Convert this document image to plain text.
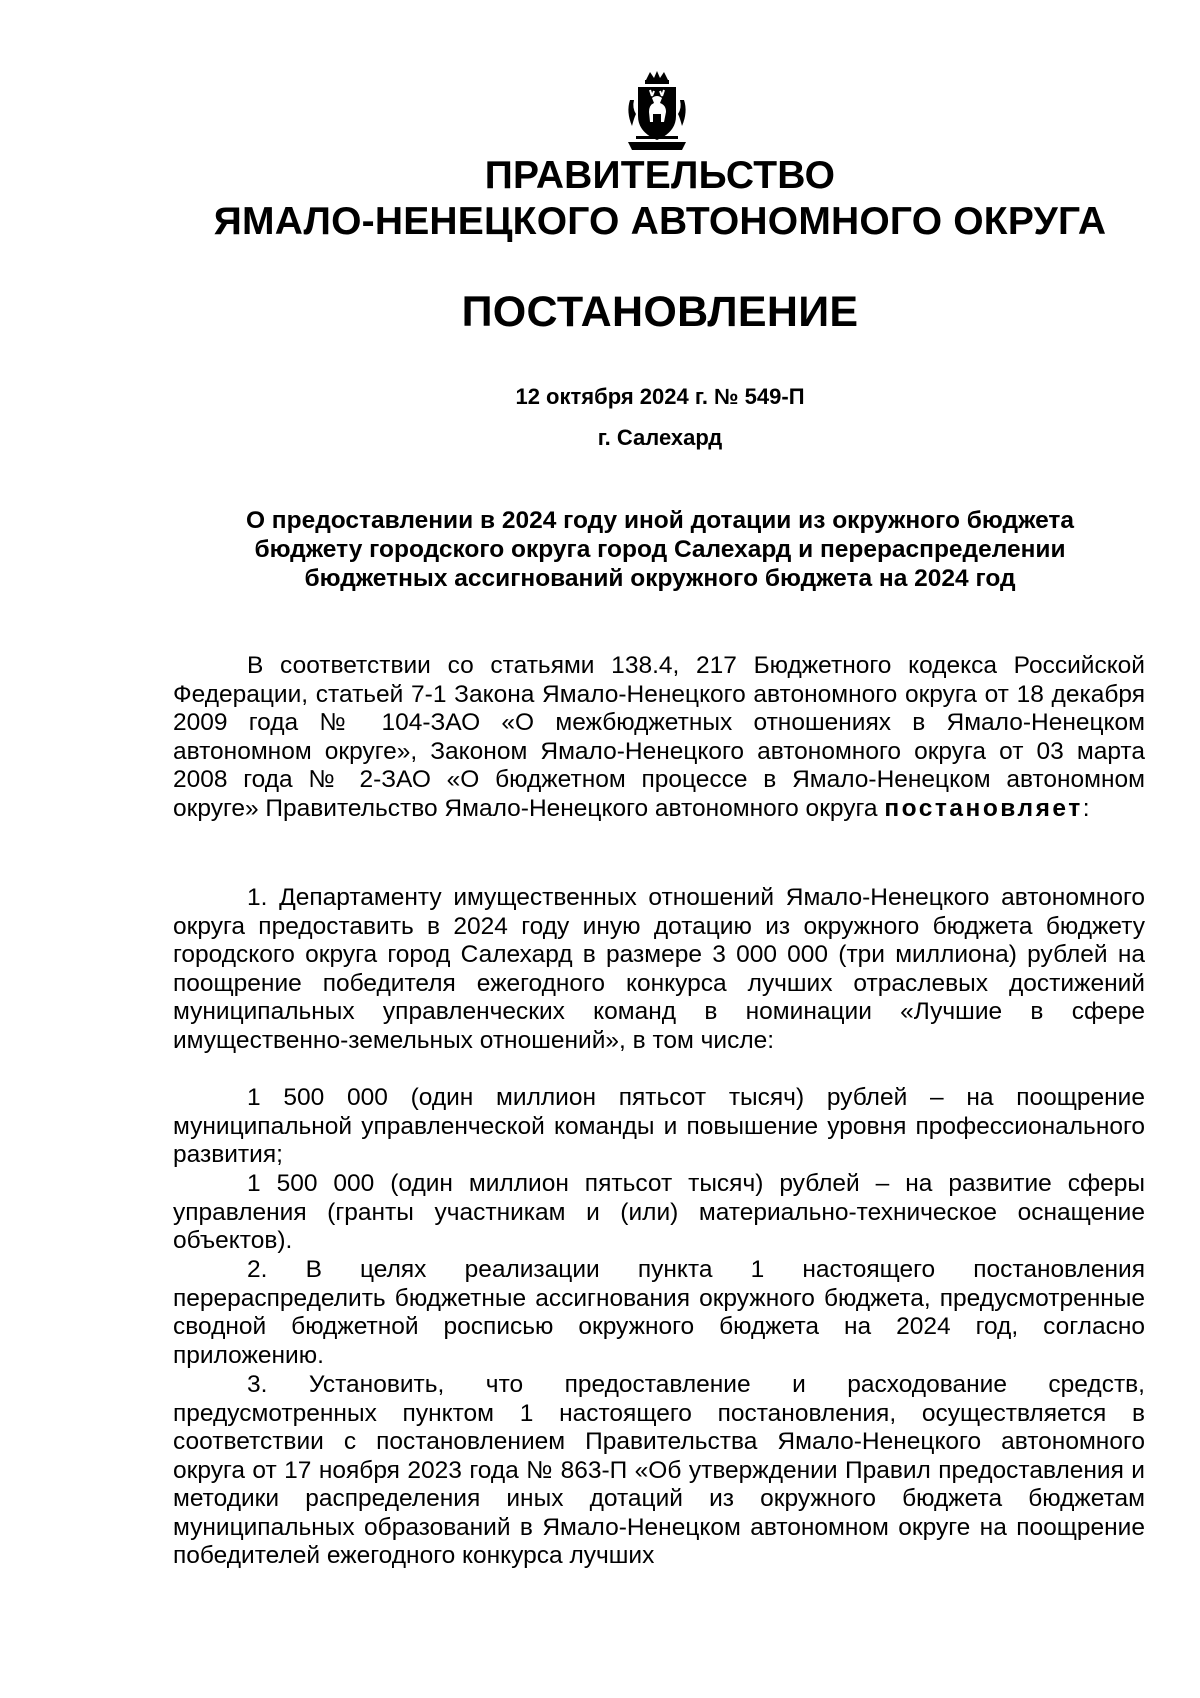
ПРАВИТЕЛЬСТВО
ЯМАЛО-НЕНЕЦКОГО АВТОНОМНОГО ОКРУГА
ПОСТАНОВЛЕНИЕ
12 октября 2024 г. № 549-П
г. Салехард
О предоставлении в 2024 году иной дотации из окружного бюджета
бюджету городского округа город Салехард и перераспределении
бюджетных ассигнований окружного бюджета на 2024 год

В соответствии со статьями 138.4, 217 Бюджетного кодекса Российской Федерации, статьей 7-1 Закона Ямало-Ненецкого автономного округа от 18 декабря 2009 года № 104-ЗАО «О межбюджетных отношениях в Ямало-Ненецком автономном округе», Законом Ямало-Ненецкого автономного округа от 03 марта 2008 года № 2-ЗАО «О бюджетном процессе в Ямало-Ненецком автономном округе» Правительство Ямало-Ненецкого автономного округа постановляет:

1. Департаменту имущественных отношений Ямало-Ненецкого автономного округа предоставить в 2024 году иную дотацию из окружного бюджета бюджету городского округа город Салехард в размере 3 000 000 (три миллиона) рублей на поощрение победителя ежегодного конкурса лучших отраслевых достижений муниципальных управленческих команд в номинации «Лучшие в сфере имущественно-земельных отношений», в том числе:

1 500 000 (один миллион пятьсот тысяч) рублей – на поощрение муниципальной управленческой команды и повышение уровня профессионального развития;

1 500 000 (один миллион пятьсот тысяч) рублей – на развитие сферы управления (гранты участникам и (или) материально-техническое оснащение объектов).

2. В целях реализации пункта 1 настоящего постановления перераспределить бюджетные ассигнования окружного бюджета, предусмотренные сводной бюджетной росписью окружного бюджета на 2024 год, согласно приложению.

3. Установить, что предоставление и расходование средств, предусмотренных пунктом 1 настоящего постановления, осуществляется в соответствии с постановлением Правительства Ямало-Ненецкого автономного округа от 17 ноября 2023 года № 863-П «Об утверждении Правил предоставления и методики распределения иных дотаций из окружного бюджета бюджетам муниципальных образований в Ямало-Ненецком автономном округе на поощрение победителей ежегодного конкурса лучших
